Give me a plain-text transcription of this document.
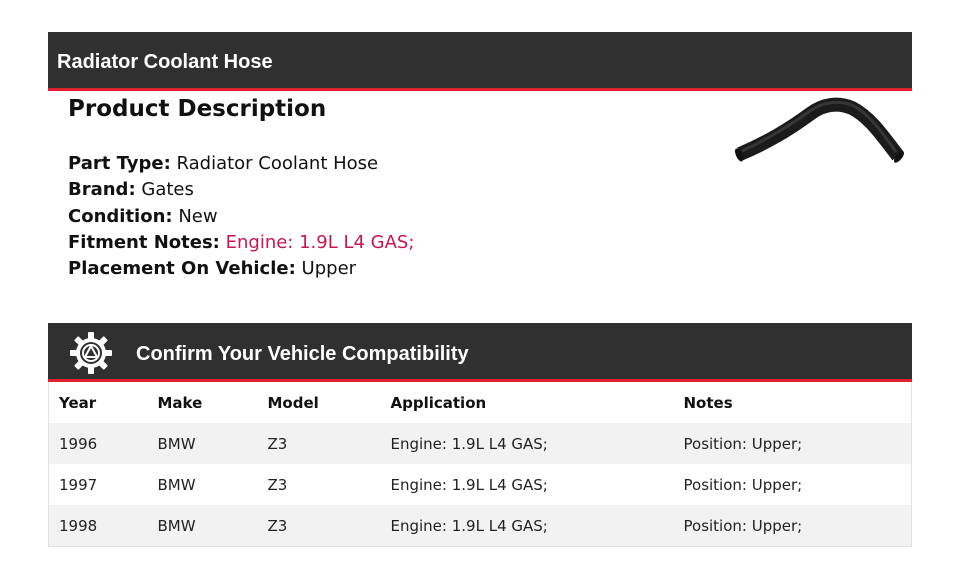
Radiator Coolant Hose
Product Description
Part Type: Radiator Coolant Hose
Brand: Gates
Condition: New
Fitment Notes: Engine: 1.9L L4 GAS;
Placement On Vehicle: Upper
Confirm Your Vehicle Compatibility
Year	Make	Model	Application	Notes
1996	BMW	Z3	Engine: 1.9L L4 GAS;	Position: Upper;
1997	BMW	Z3	Engine: 1.9L L4 GAS;	Position: Upper;
1998	BMW	Z3	Engine: 1.9L L4 GAS;	Position: Upper;
